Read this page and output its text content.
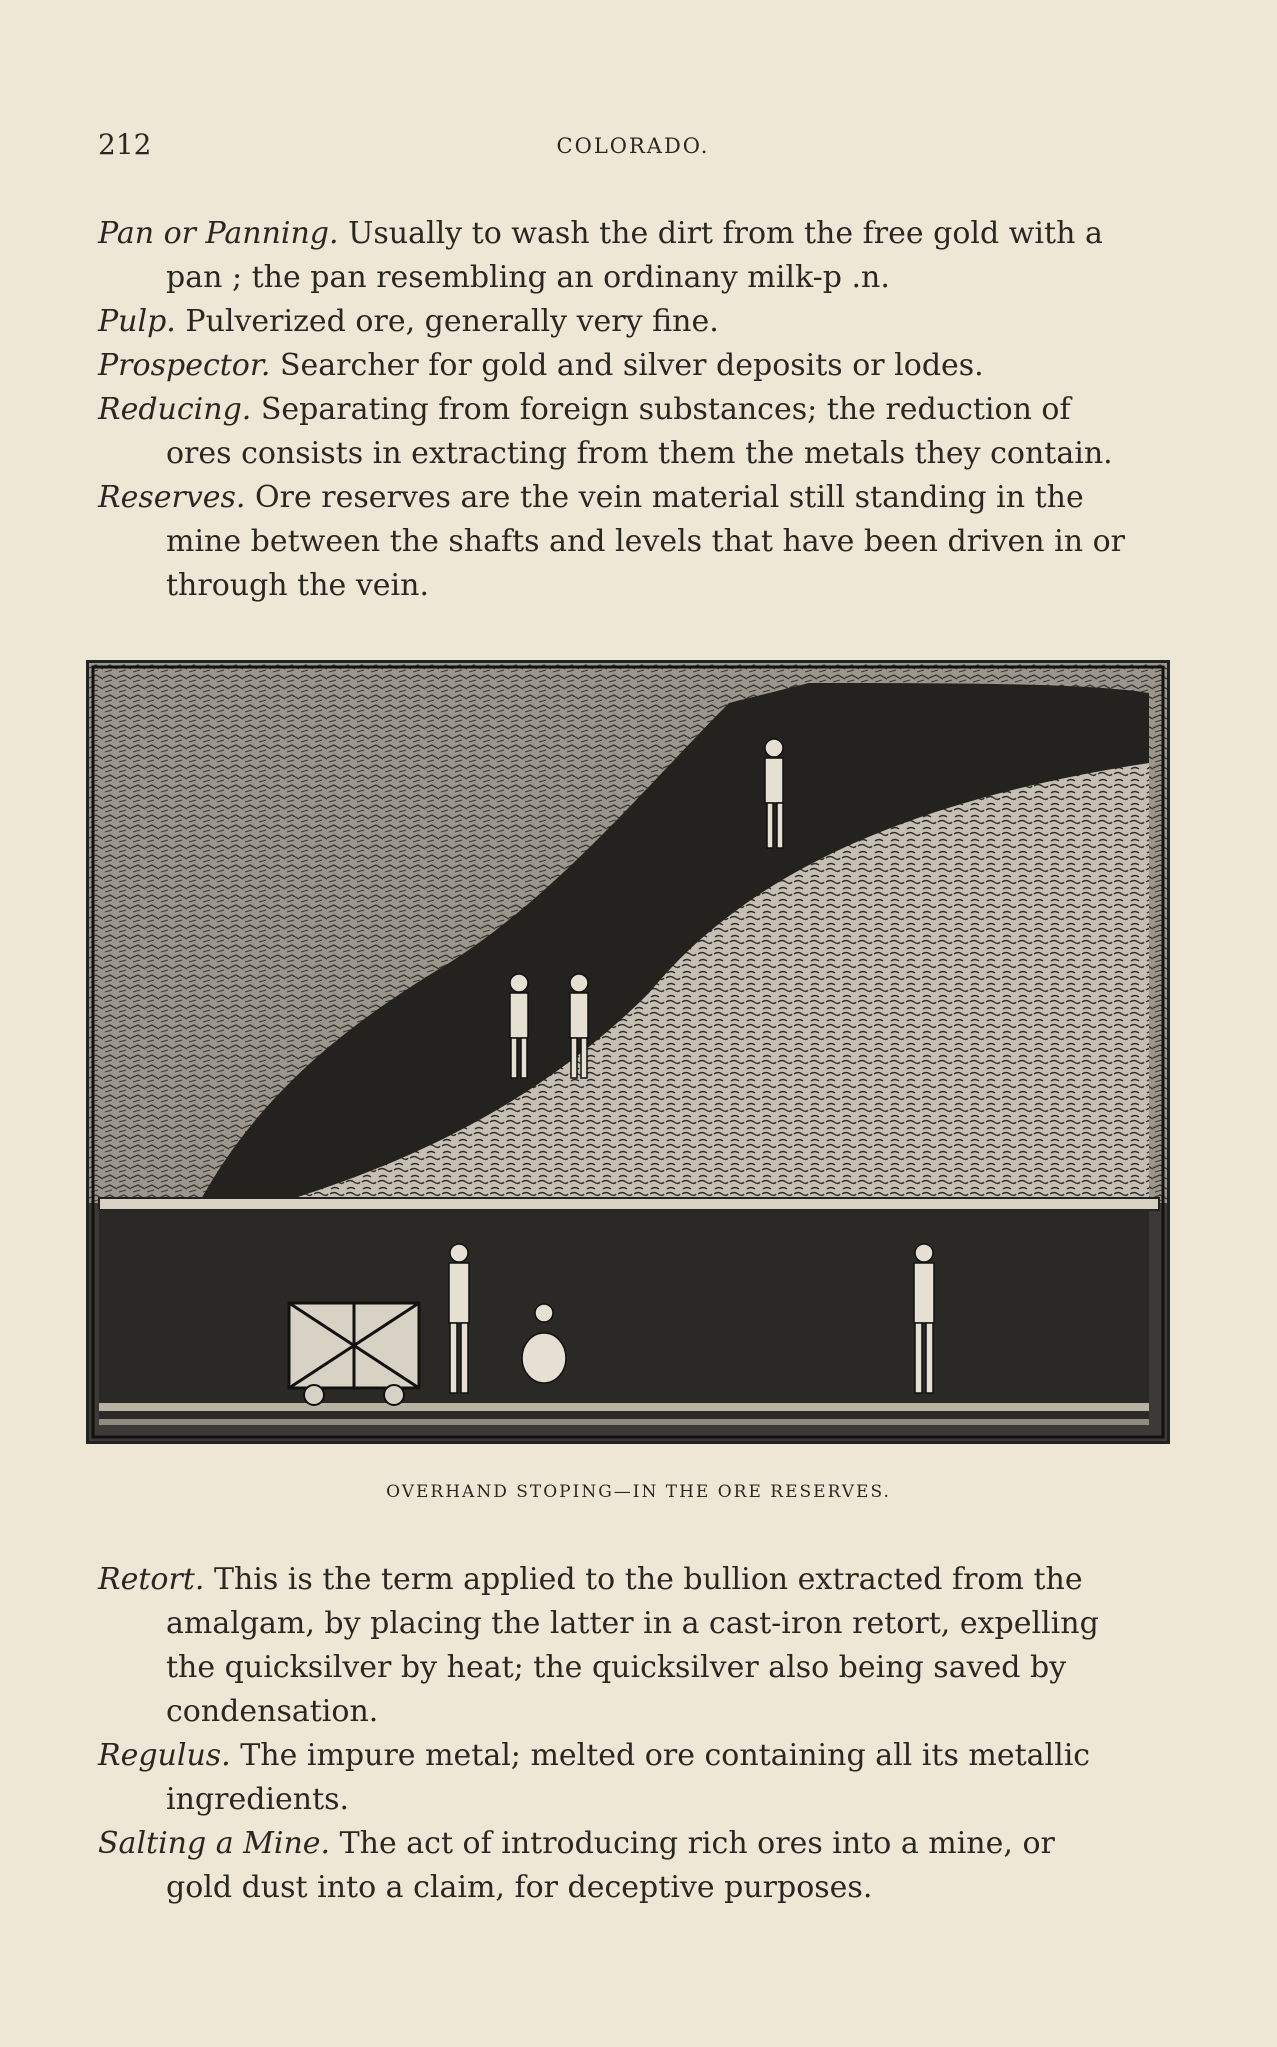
212	COLORADO.
Pan or Panning. Usually to wash the dirt from the free gold with a
pan ; the pan resembling an ordinany milk-p .n.
Pulp. Pulverized ore, generally very fine.
Prospector. Searcher for gold and silver deposits or lodes.
Reducing. Separating from foreign substances; the reduction of
ores consists in extracting from them the metals they contain.
Reserves. Ore reserves are the vein material still standing in the
mine between the shafts and levels that have been driven in or
through the vein.
OVERHAND STOPING—IN THE ORE RESERVES.
Retort. This is the term applied to the bullion extracted from the
amalgam, by placing the latter in a cast-iron retort, expelling
the quicksilver by heat; the quicksilver also being saved by
condensation.
Regulus. The impure metal; melted ore containing all its metallic
ingredients.
Salting a Mine. The act of introducing rich ores into a mine, or
gold dust into a claim, for deceptive purposes.
